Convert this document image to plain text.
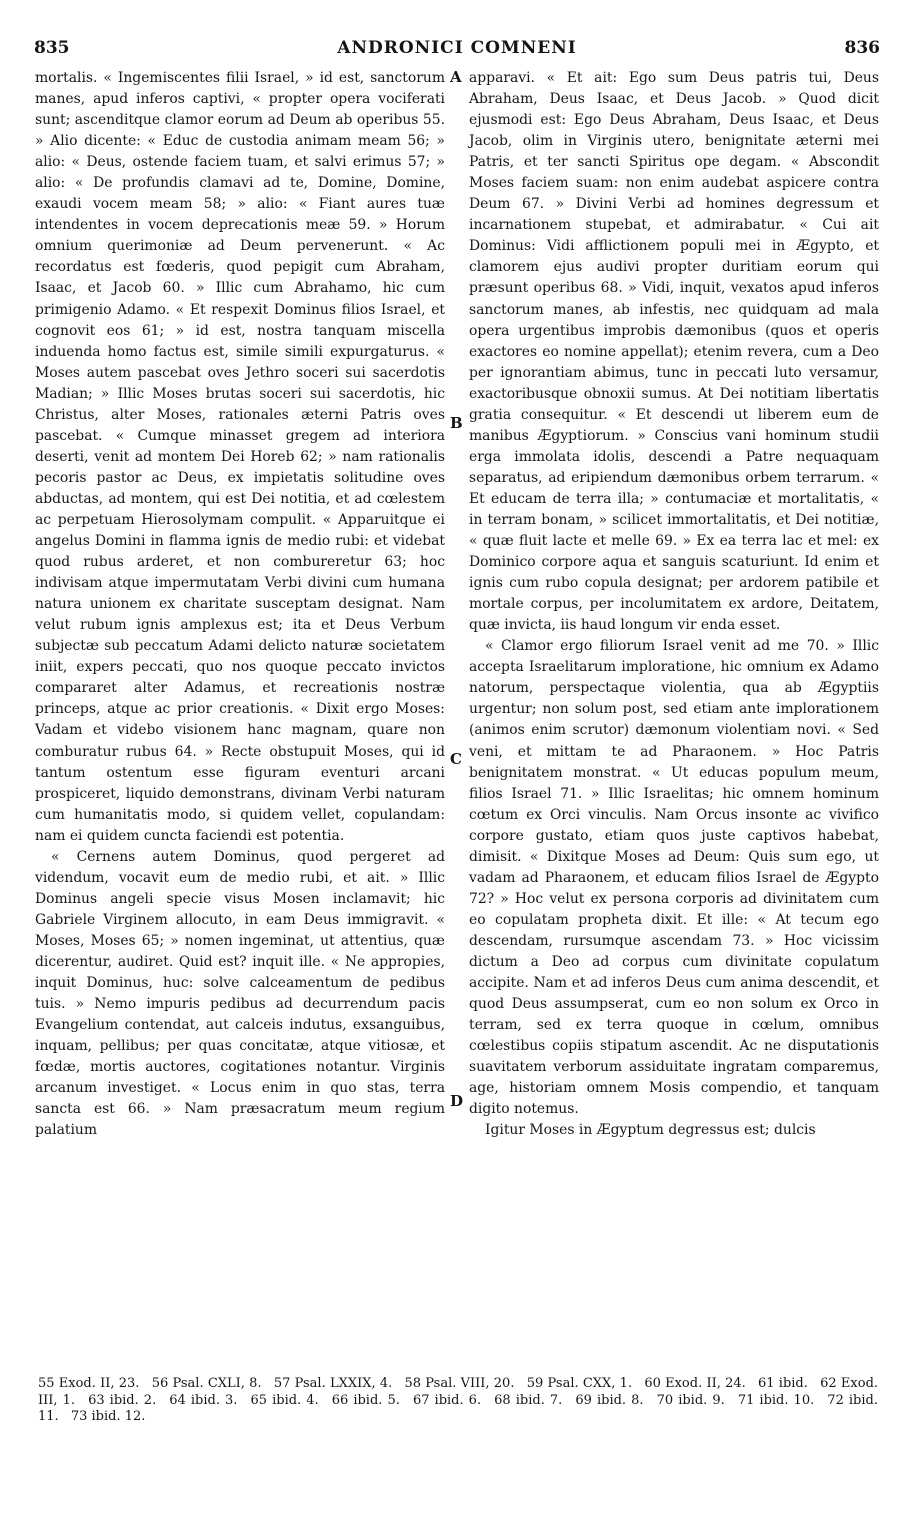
835	ANDRONICI COMNENI	836

mortalis. « Ingemiscentes filii Israel, » id est, sanctorum manes, apud inferos captivi, « propter opera vociferati sunt; ascenditque clamor eorum ad Deum ab operibus 55. » Alio dicente: « Educ de custodia animam meam 56; » alio: « Deus, ostende faciem tuam, et salvi erimus 57; » alio: « De profundis clamavi ad te, Domine, Domine, exaudi vocem meam 58; » alio: « Fiant aures tuæ intendentes in vocem deprecationis meæ 59. » Horum omnium querimoniæ ad Deum pervenerunt. « Ac recordatus est fœderis, quod pepigit cum Abraham, Isaac, et Jacob 60. » Illic cum Abrahamo, hic cum primigenio Adamo. « Et respexit Dominus filios Israel, et cognovit eos 61; » id est, nostra tanquam miscella induenda homo factus est, simile simili expurgaturus. « Moses autem pascebat oves Jethro soceri sui sacerdotis Madian; » Illic Moses brutas soceri sui sacerdotis, hic Christus, alter Moses, rationales æterni Patris oves pascebat. « Cumque minasset gregem ad interiora deserti, venit ad montem Dei Horeb 62; » nam rationalis pecoris pastor ac Deus, ex impietatis solitudine oves abductas, ad montem, qui est Dei notitia, et ad cœlestem ac perpetuam Hierosolymam compulit. « Apparuitque ei angelus Domini in flamma ignis de medio rubi: et videbat quod rubus arderet, et non combureretur 63; hoc indivisam atque impermutatam Verbi divini cum humana natura unionem ex charitate susceptam designat. Nam velut rubum ignis amplexus est; ita et Deus Verbum subjectæ sub peccatum Adami delicto naturæ societatem iniit, expers peccati, quo nos quoque peccato invictos compararet alter Adamus, et recreationis nostræ princeps, atque ac prior creationis. « Dixit ergo Moses: Vadam et videbo visionem hanc magnam, quare non comburatur rubus 64. » Recte obstupuit Moses, qui id tantum ostentum esse figuram eventuri arcani prospiceret, liquido demonstrans, divinam Verbi naturam cum humanitatis modo, si quidem vellet, copulandam: nam ei quidem cuncta faciendi est potentia.

« Cernens autem Dominus, quod pergeret ad videndum, vocavit eum de medio rubi, et ait. » Illic Dominus angeli specie visus Mosen inclamavit; hic Gabriele Virginem allocuto, in eam Deus immigravit. « Moses, Moses 65; » nomen ingeminat, ut attentius, quæ dicerentur, audiret. Quid est? inquit ille. « Ne appropies, inquit Dominus, huc: solve calceamentum de pedibus tuis. » Nemo impuris pedibus ad decurrendum pacis Evangelium contendat, aut calceis indutus, exsanguibus, inquam, pellibus; per quas concitatæ, atque vitiosæ, et fœdæ, mortis auctores, cogitationes notantur. Virginis arcanum investiget. « Locus enim in quo stas, terra sancta est 66. » Nam præsacratum meum regium palatium

apparavi. « Et ait: Ego sum Deus patris tui, Deus Abraham, Deus Isaac, et Deus Jacob. » Quod dicit ejusmodi est: Ego Deus Abraham, Deus Isaac, et Deus Jacob, olim in Virginis utero, benignitate æterni mei Patris, et ter sancti Spiritus ope degam. « Abscondit Moses faciem suam: non enim audebat aspicere contra Deum 67. » Divini Verbi ad homines degressum et incarnationem stupebat, et admirabatur. « Cui ait Dominus: Vidi afflictionem populi mei in Ægypto, et clamorem ejus audivi propter duritiam eorum qui præsunt operibus 68. » Vidi, inquit, vexatos apud inferos sanctorum manes, ab infestis, nec quidquam ad mala opera urgentibus improbis dæmonibus (quos et operis exactores eo nomine appellat); etenim revera, cum a Deo per ignorantiam abimus, tunc in peccati luto versamur, exactoribusque obnoxii sumus. At Dei notitiam libertatis gratia consequitur. « Et descendi ut liberem eum de manibus Ægyptiorum. » Conscius vani hominum studii erga immolata idolis, descendi a Patre nequaquam separatus, ad eripiendum dæmonibus orbem terrarum. « Et educam de terra illa; » contumaciæ et mortalitatis, « in terram bonam, » scilicet immortalitatis, et Dei notitiæ, « quæ fluit lacte et melle 69. » Ex ea terra lac et mel: ex Dominico corpore aqua et sanguis scaturiunt. Id enim et ignis cum rubo copula designat; per ardorem patibile et mortale corpus, per incolumitatem ex ardore, Deitatem, quæ invicta, iis haud longum vir enda esset.

« Clamor ergo filiorum Israel venit ad me 70. » Illic accepta Israelitarum imploratione, hic omnium ex Adamo natorum, perspectaque violentia, qua ab Ægyptiis urgentur; non solum post, sed etiam ante implorationem (animos enim scrutor) dæmonum violentiam novi. « Sed veni, et mittam te ad Pharaonem. » Hoc Patris benignitatem monstrat. « Ut educas populum meum, filios Israel 71. » Illic Israelitas; hic omnem hominum cœtum ex Orci vinculis. Nam Orcus insonte ac vivifico corpore gustato, etiam quos juste captivos habebat, dimisit. « Dixitque Moses ad Deum: Quis sum ego, ut vadam ad Pharaonem, et educam filios Israel de Ægypto 72? » Hoc velut ex persona corporis ad divinitatem cum eo copulatam propheta dixit. Et ille: « At tecum ego descendam, rursumque ascendam 73. » Hoc vicissim dictum a Deo ad corpus cum divinitate copulatum accipite. Nam et ad inferos Deus cum anima descendit, et quod Deus assumpserat, cum eo non solum ex Orco in terram, sed ex terra quoque in cœlum, omnibus cœlestibus copiis stipatum ascendit. Ac ne disputationis suavitatem verborum assiduitate ingratam comparemus, age, historiam omnem Mosis compendio, et tanquam digito notemus.

Igitur Moses in Ægyptum degressus est; dulcis

A
B
C
D
55 Exod. II, 23. 56 Psal. CXLI, 8. 57 Psal. LXXIX, 4. 58 Psal. VIII, 20. 59 Psal. CXX, 1. 60 Exod. II, 24. 61 ibid. 62 Exod. III, 1. 63 ibid. 2. 64 ibid. 3. 65 ibid. 4. 66 ibid. 5. 67 ibid. 6. 68 ibid. 7. 69 ibid. 8. 70 ibid. 9. 71 ibid. 10. 72 ibid. 11. 73 ibid. 12.
